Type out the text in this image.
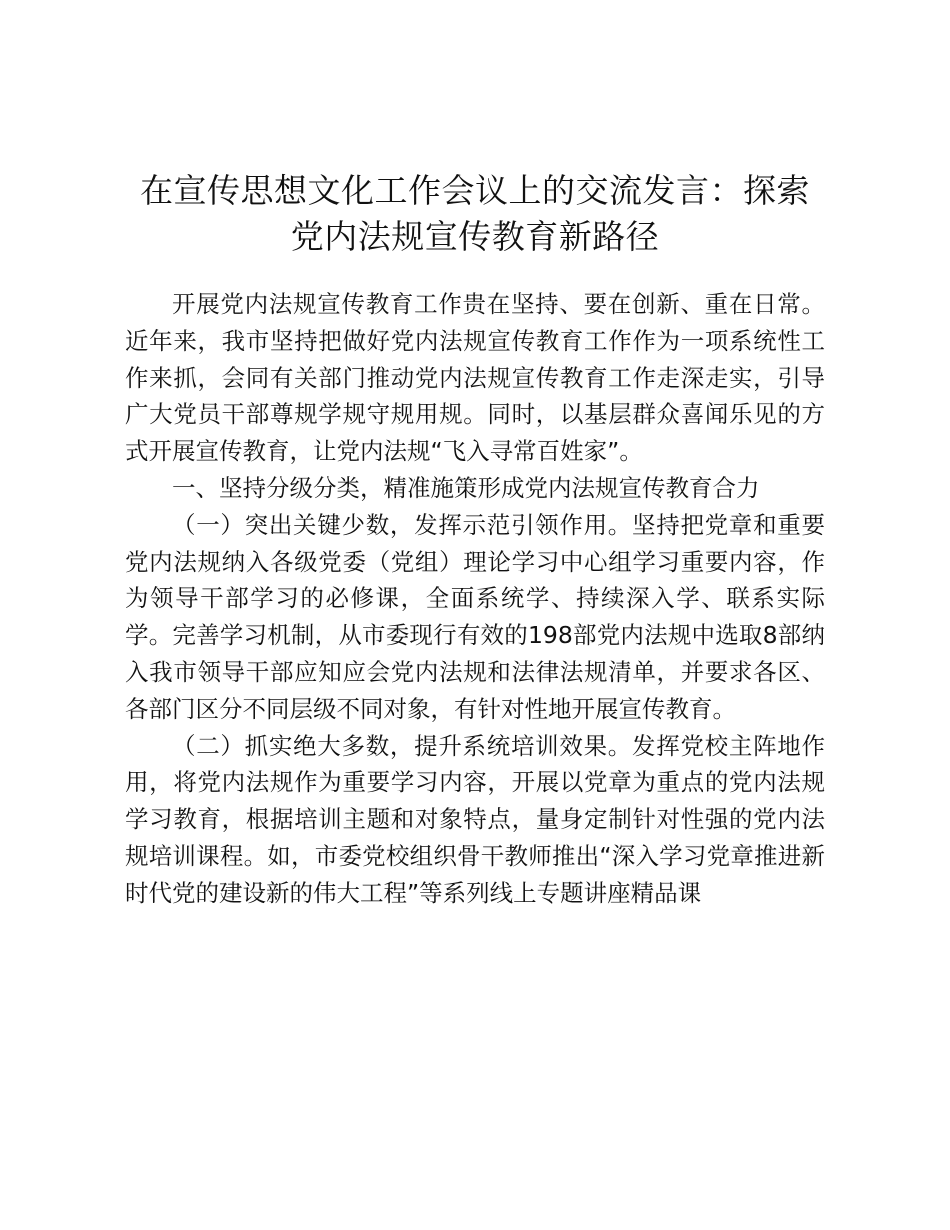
在宣传思想文化工作会议上的交流发言：探索
党内法规宣传教育新路径

开展党内法规宣传教育工作贵在坚持、要在创新、重在日常。近年来，我市坚持把做好党内法规宣传教育工作作为一项系统性工作来抓，会同有关部门推动党内法规宣传教育工作走深走实，引导广大党员干部尊规学规守规用规。同时，以基层群众喜闻乐见的方式开展宣传教育，让党内法规“飞入寻常百姓家”。

一、坚持分级分类，精准施策形成党内法规宣传教育合力

（一）突出关键少数，发挥示范引领作用。坚持把党章和重要党内法规纳入各级党委（党组）理论学习中心组学习重要内容，作为领导干部学习的必修课，全面系统学、持续深入学、联系实际学。完善学习机制，从市委现行有效的198部党内法规中选取8部纳入我市领导干部应知应会党内法规和法律法规清单，并要求各区、各部门区分不同层级不同对象，有针对性地开展宣传教育。

（二）抓实绝大多数，提升系统培训效果。发挥党校主阵地作用，将党内法规作为重要学习内容，开展以党章为重点的党内法规学习教育，根据培训主题和对象特点，量身定制针对性强的党内法规培训课程。如，市委党校组织骨干教师推出“深入学习党章推进新时代党的建设新的伟大工程”等系列线上专题讲座精品课
